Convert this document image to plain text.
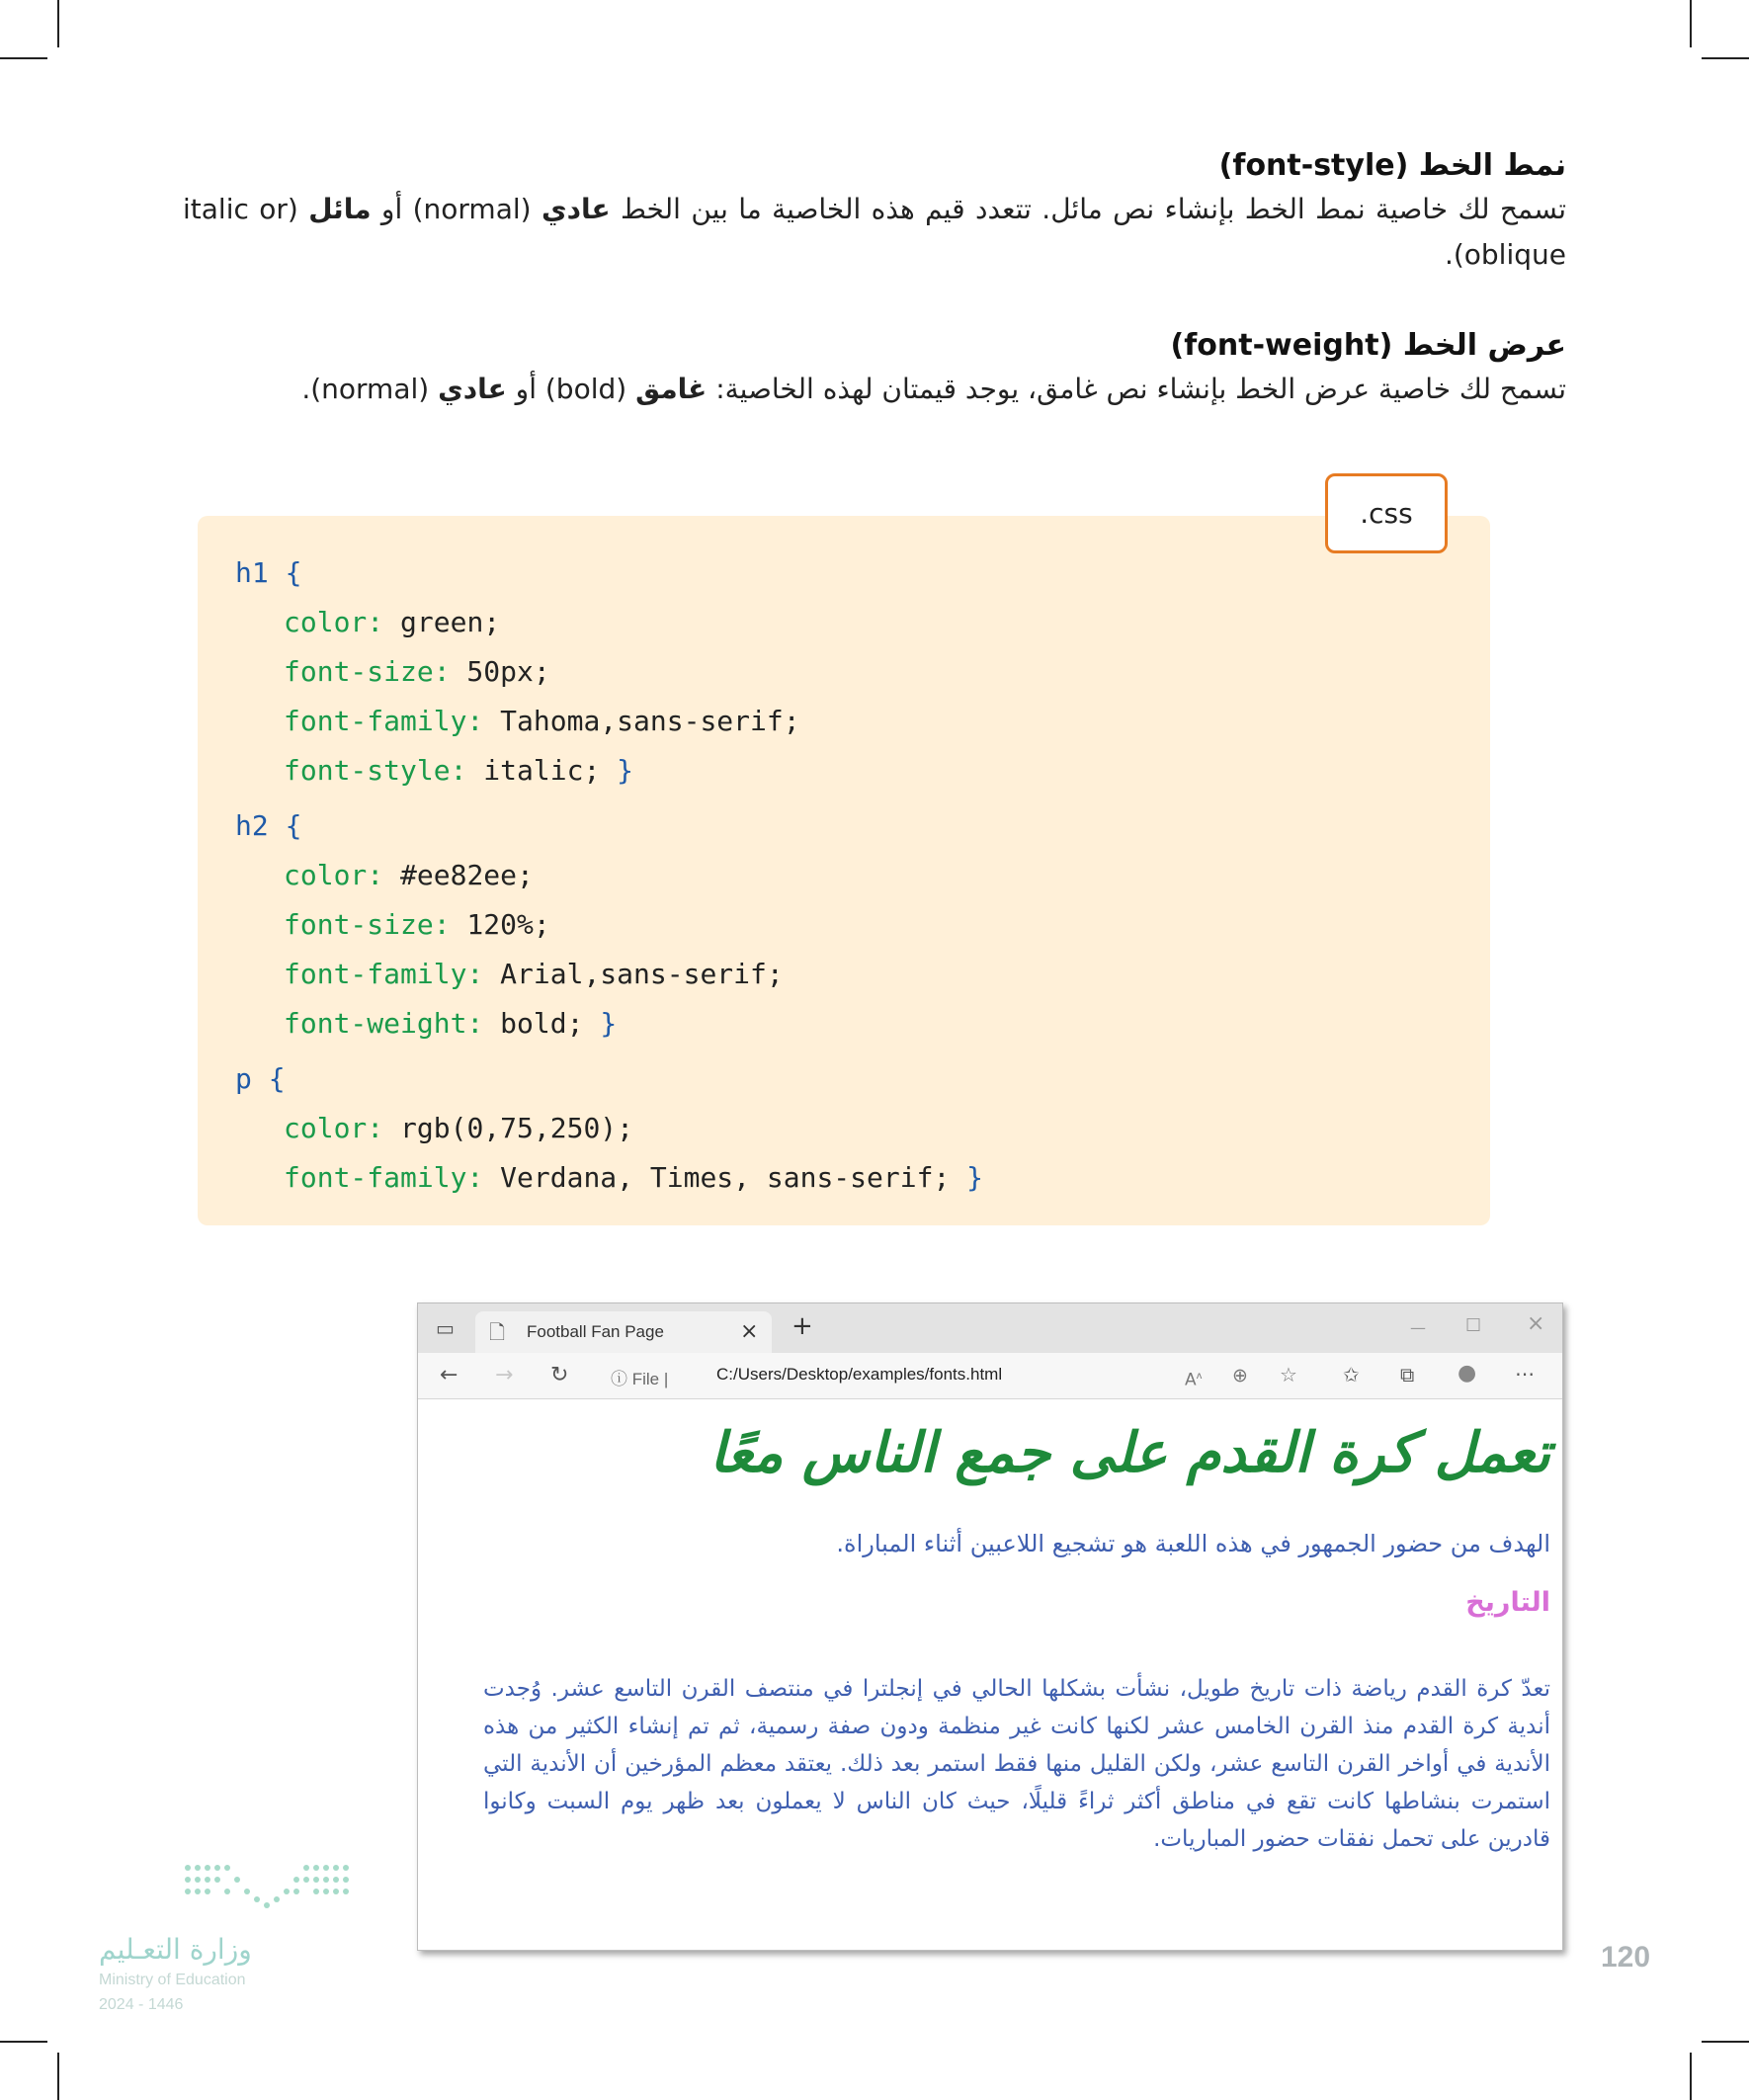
نمط الخط (font-style)

تسمح لك خاصية نمط الخط بإنشاء نص مائل. تتعدد قيم هذه الخاصية ما بين الخط عادي (normal) أو مائل (italic or oblique).

عرض الخط (font-weight)

تسمح لك خاصية عرض الخط بإنشاء نص غامق، يوجد قيمتان لهذه الخاصية: غامق (bold) أو عادي (normal).

.css
h1 {
color: green;
font-size: 50px;
font-family: Tahoma,sans-serif;
font-style: italic; }
h2 {
color: #ee82ee;
font-size: 120%;
font-family: Arial,sans-serif;
font-weight: bold; }
p {
color: rgb(0,75,250);
font-family: Verdana, Times, sans-serif; }
▭ 🗋 Football Fan Page	× +	— ☐ ×
← → ↻	ⓘ File |	C:/Users/Desktop/examples/fonts.html	$A^ʌ$ ⊕ ☆ ✩ ⧉ ● ⋯
تعمل كرة القدم على جمع الناس معًا

الهدف من حضور الجمهور في هذه اللعبة هو تشجيع اللاعبين أثناء المباراة.

التاريخ

تعدّ كرة القدم رياضة ذات تاريخ طويل، نشأت بشكلها الحالي في إنجلترا في منتصف القرن التاسع عشر. وُجدت أندية كرة القدم منذ القرن الخامس عشر لكنها كانت غير منظمة ودون صفة رسمية، ثم تم إنشاء الكثير من هذه الأندية في أواخر القرن التاسع عشر، ولكن القليل منها فقط استمر بعد ذلك. يعتقد معظم المؤرخين أن الأندية التي استمرت بنشاطها كانت تقع في مناطق أكثر ثراءً قليلًا، حيث كان الناس لا يعملون بعد ظهر يوم السبت وكانوا قادرين على تحمل نفقات حضور المباريات.

وزارة التعـليم
Ministry of Education
2024 - 1446
120
